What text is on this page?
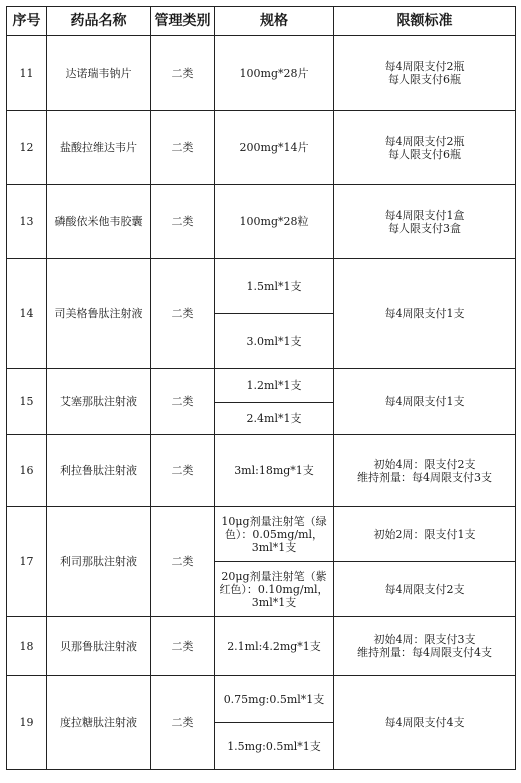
序号	药品名称	管理类别	规格	限额标准
11	达诺瑞韦钠片	二类	100mg*28片	每4周限支付2瓶
每人限支付6瓶

12	盐酸拉维达韦片	二类	200mg*14片	每4周限支付2瓶
每人限支付6瓶

13	磷酸依米他韦胶囊	二类	100mg*28粒	每4周限支付1盒
每人限支付3盒

14	司美格鲁肽注射液	二类	1.5ml*1支	每4周限支付1支

			3.0ml*1支	
15	艾塞那肽注射液	二类	1.2ml*1支	每4周限支付1支

			2.4ml*1支	
16	利拉鲁肽注射液	二类	3ml:18mg*1支	初始4周：限支付2支
维持剂量：每4周限支付3支

17	利司那肽注射液	二类	10μg剂量注射笔（绿色）：0.05mg/ml，3ml*1支	初始2周：限支付1支

			20μg剂量注射笔（紫红色）：0.10mg/ml，3ml*1支	每4周限支付2支

18	贝那鲁肽注射液	二类	2.1ml:4.2mg*1支	初始4周：限支付3支
维持剂量：每4周限支付4支

19	度拉糖肽注射液	二类	0.75mg:0.5ml*1支	每4周限支付4支

			1.5mg:0.5ml*1支	
